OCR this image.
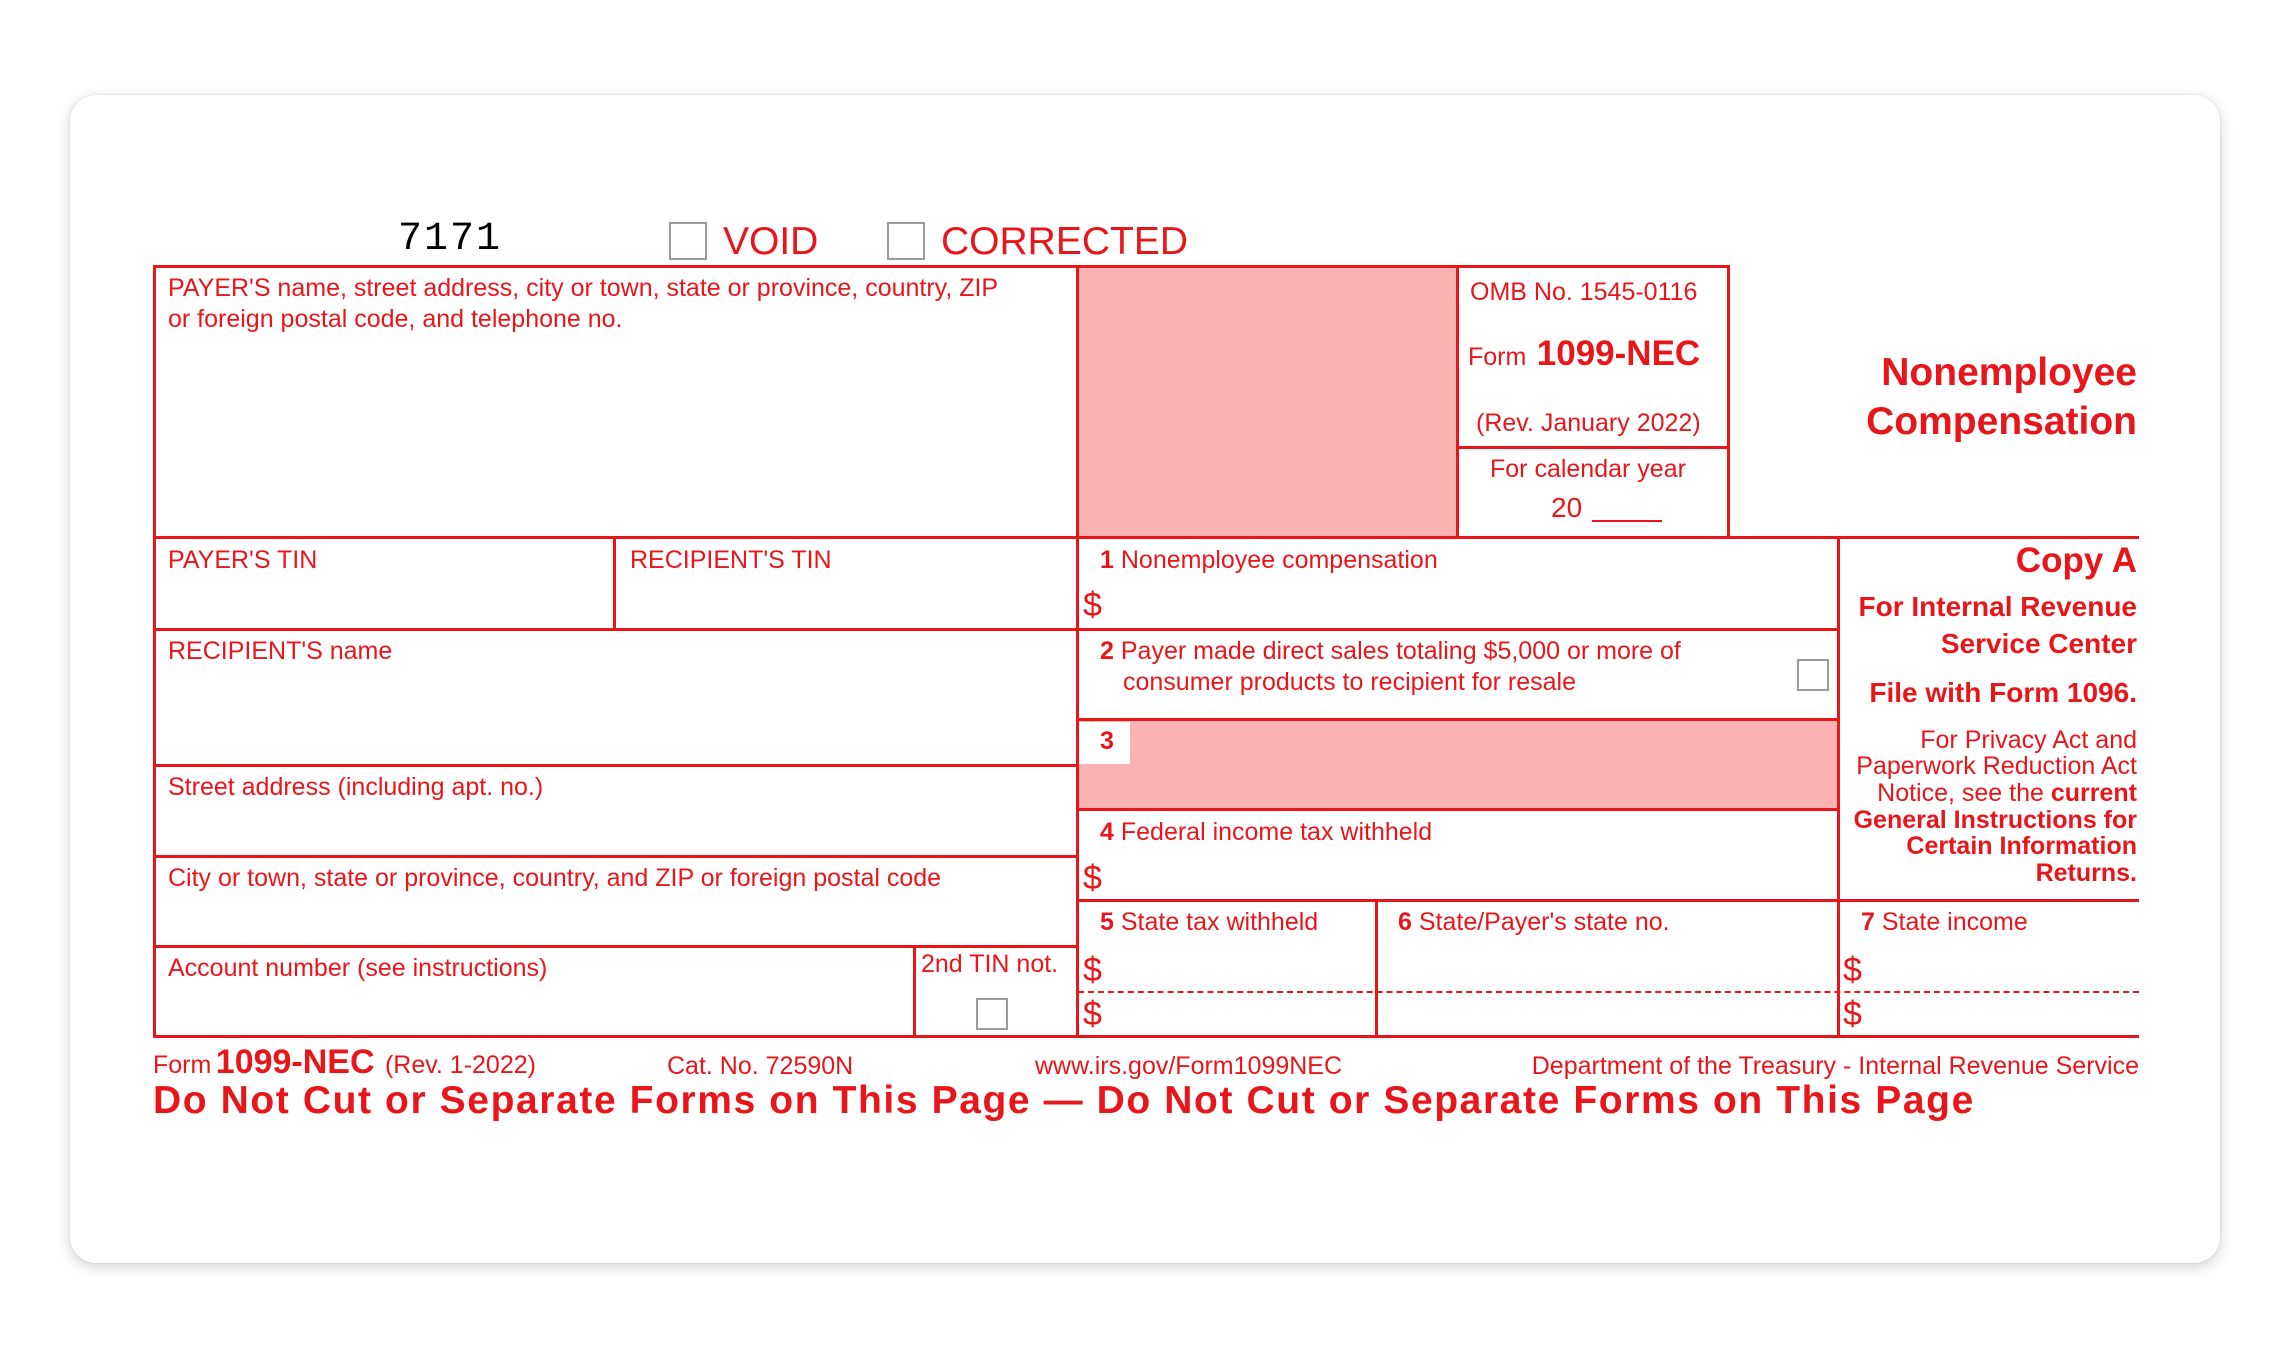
7171	VOID	CORRECTED
PAYER'S name, street address, city or town, state or province, country, ZIP
or foreign postal code, and telephone no.
OMB No. 1545-0116
Form 1099-NEC
(Rev. January 2022)
For calendar year
20
Nonemployee
Compensation
PAYER'S TIN	RECIPIENT'S TIN	1 Nonemployee compensation
$
RECIPIENT'S name	2 Payer made direct sales totaling $5,000 or more of
consumer products to recipient for resale
3
Street address (including apt. no.)
4 Federal income tax withheld
$
City or town, state or province, country, and ZIP or foreign postal code
5 State tax withheld	6 State/Payer's state no.	7 State income
$
$
$
$
Account number (see instructions)	2nd TIN not.
Copy A
For Internal Revenue
Service Center
File with Form 1096.
For Privacy Act and
Paperwork Reduction Act
Notice, see the current
General Instructions for
Certain Information
Returns.
Form 1099-NEC (Rev. 1-2022)	Cat. No. 72590N	www.irs.gov/Form1099NEC	Department of the Treasury - Internal Revenue Service
Do Not Cut or Separate Forms on This Page — Do Not Cut or Separate Forms on This Page
